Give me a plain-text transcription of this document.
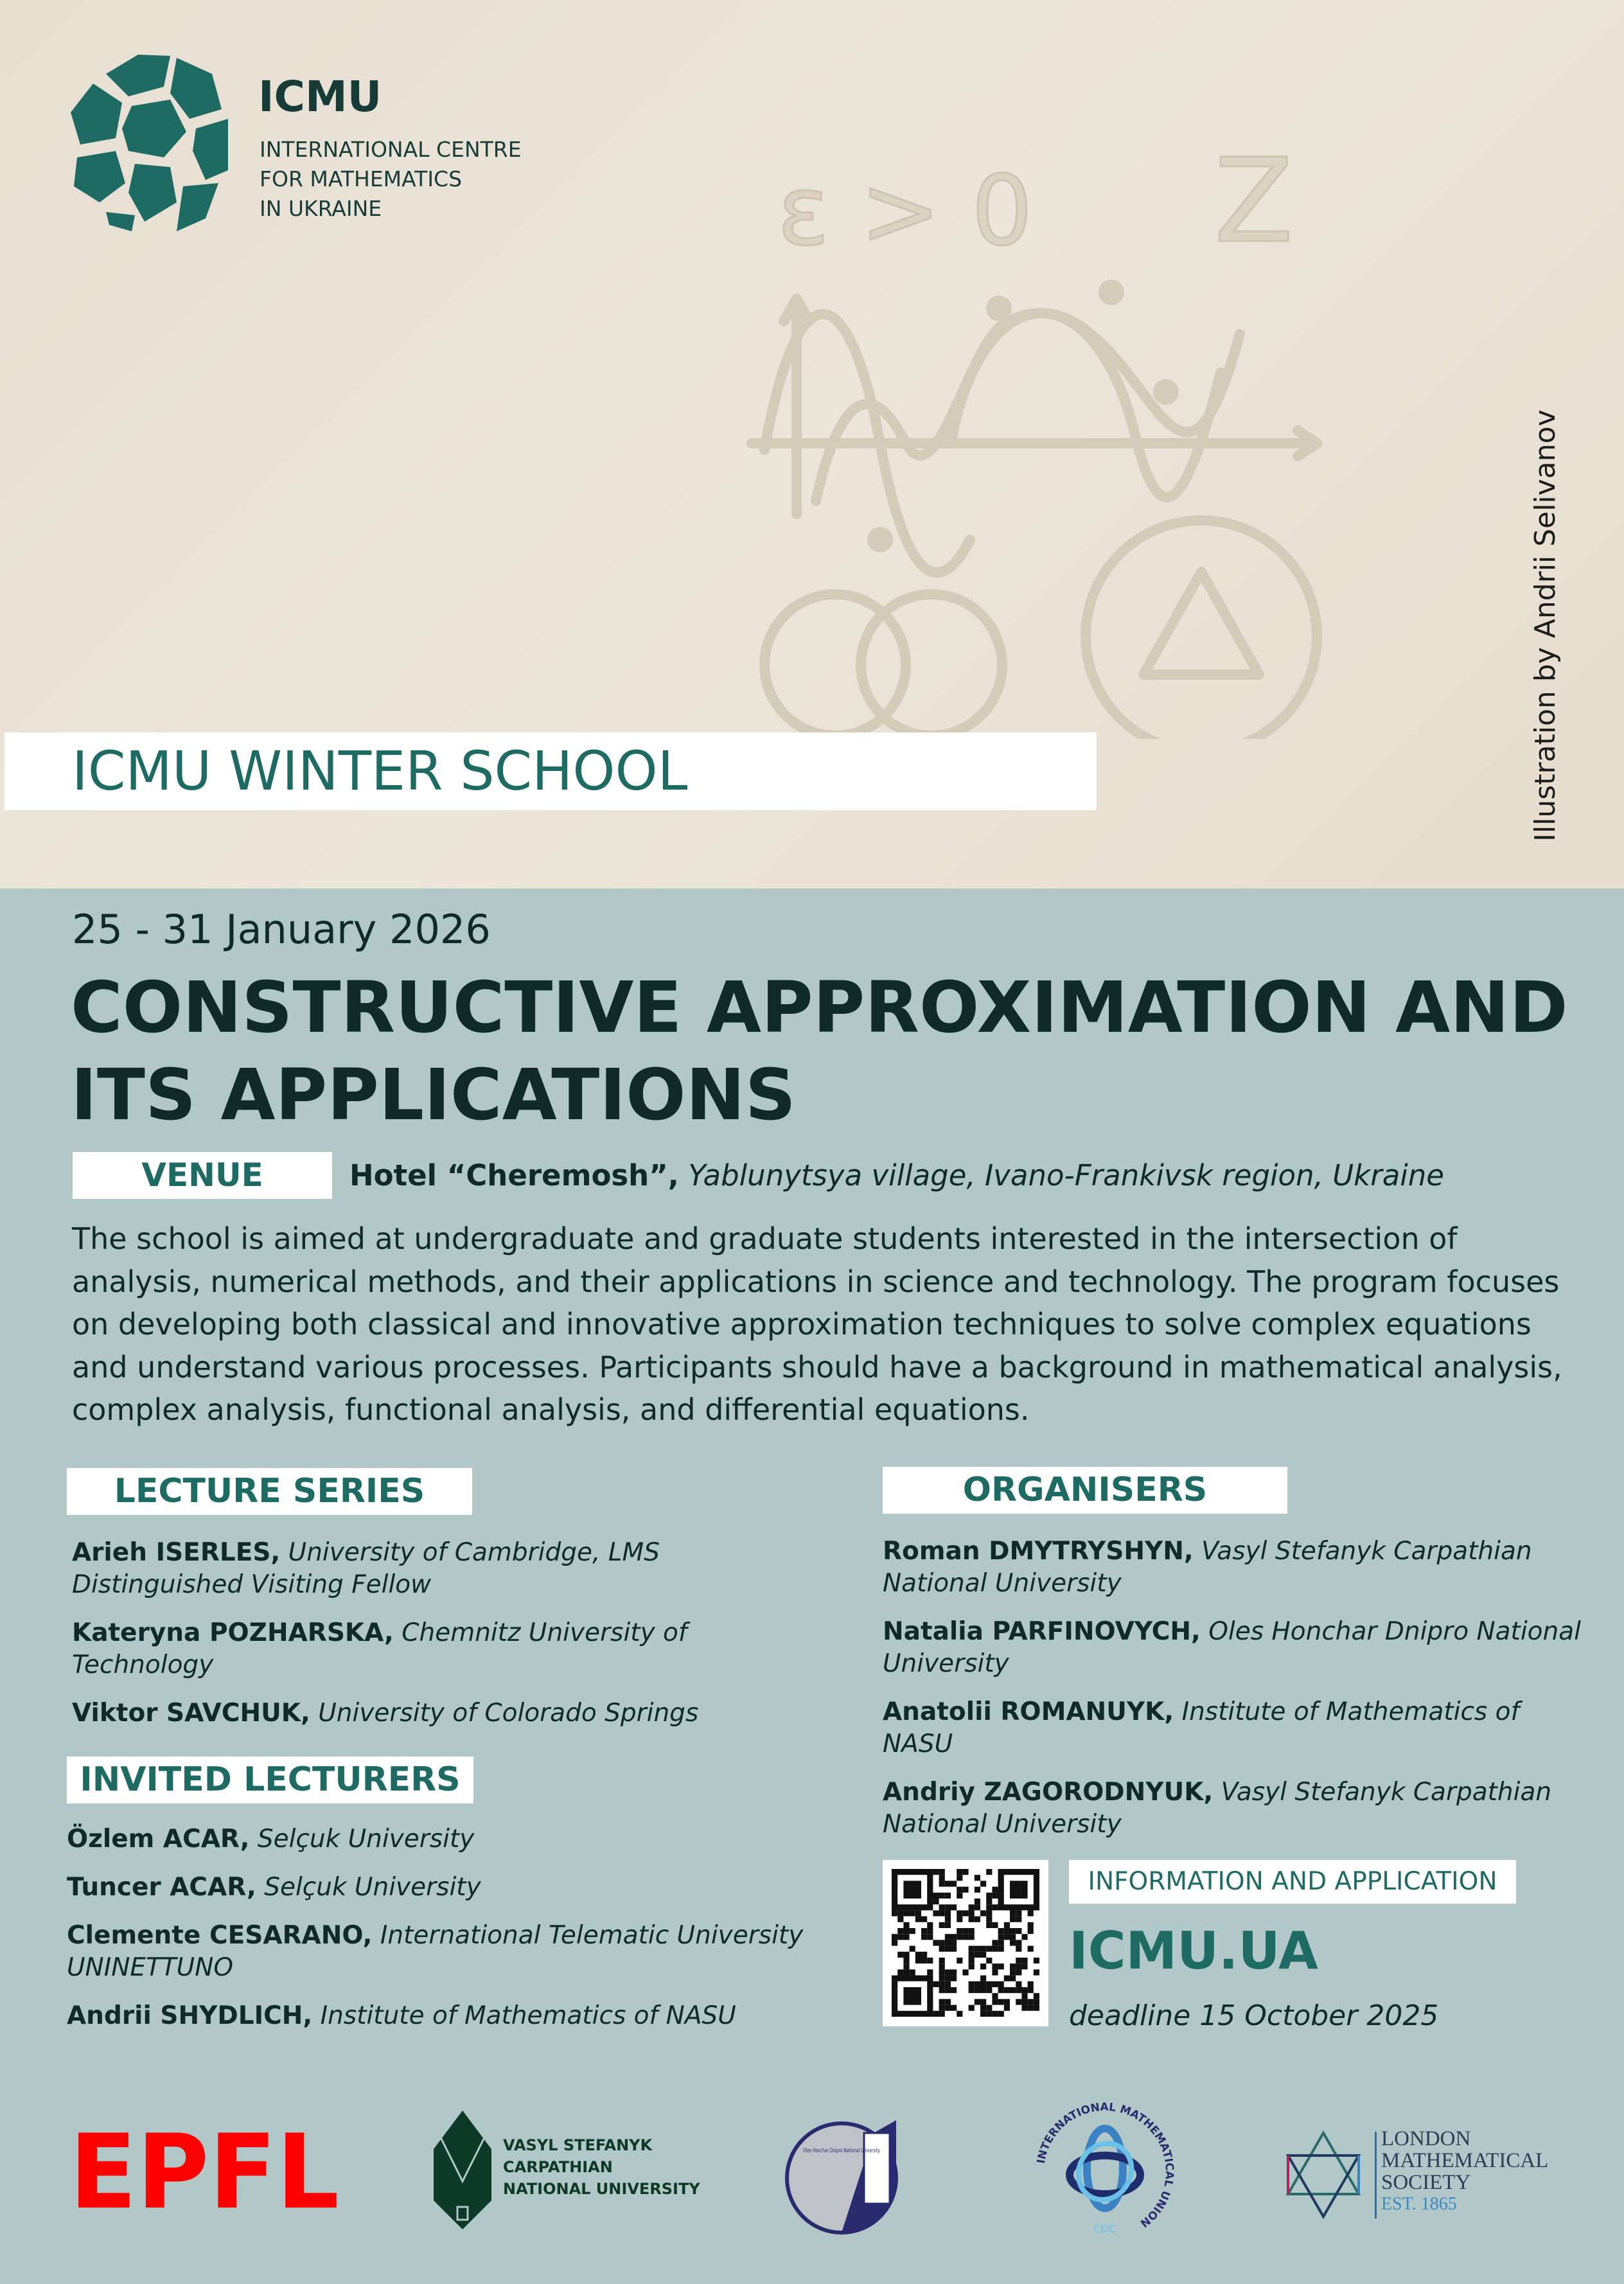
ICMU
INTERNATIONAL CENTRE
FOR MATHEMATICS
IN UKRAINE	ε > 0 Z
Illustration by Andrii Selivanov
ICMU WINTER SCHOOL
25 - 31 January 2026
CONSTRUCTIVE APPROXIMATION AND ITS APPLICATIONS
VENUE	Hotel “Cheremosh”, Yablunytsya village, Ivano-Frankivsk region, Ukraine
The school is aimed at undergraduate and graduate students interested in the intersection of analysis, numerical methods, and their applications in science and technology. The program focuses on developing both classical and innovative approximation techniques to solve complex equations and understand various processes. Participants should have a background in mathematical analysis, complex analysis, functional analysis, and differential equations.
LECTURE SERIES
Arieh ISERLES, University of Cambridge, LMS Distinguished Visiting Fellow
Kateryna POZHARSKA, Chemnitz University of Technology
Viktor SAVCHUK, University of Colorado Springs
INVITED LECTURERS
Özlem ACAR, Selçuk University
Tuncer ACAR, Selçuk University
Clemente CESARANO, International Telematic University UNINETTUNO
Andrii SHYDLICH, Institute of Mathematics of NASU
ORGANISERS
Roman DMYTRYSHYN, Vasyl Stefanyk Carpathian National University
Natalia PARFINOVYCH, Oles Honchar Dnipro National University
Anatolii ROMANUYK, Institute of Mathematics of NASU
Andriy ZAGORODNYUK, Vasyl Stefanyk Carpathian National University
INFORMATION AND APPLICATION
ICMU.UA
deadline 15 October 2025
EPFL	VASYL STEFANYK
CARPATHIAN
NATIONAL UNIVERSITY
Oles Honchar Dnipro National University
INTERNATIONAL MATHEMATICAL UNION
CDC
LONDON
MATHEMATICAL
SOCIETY
EST. 1865
